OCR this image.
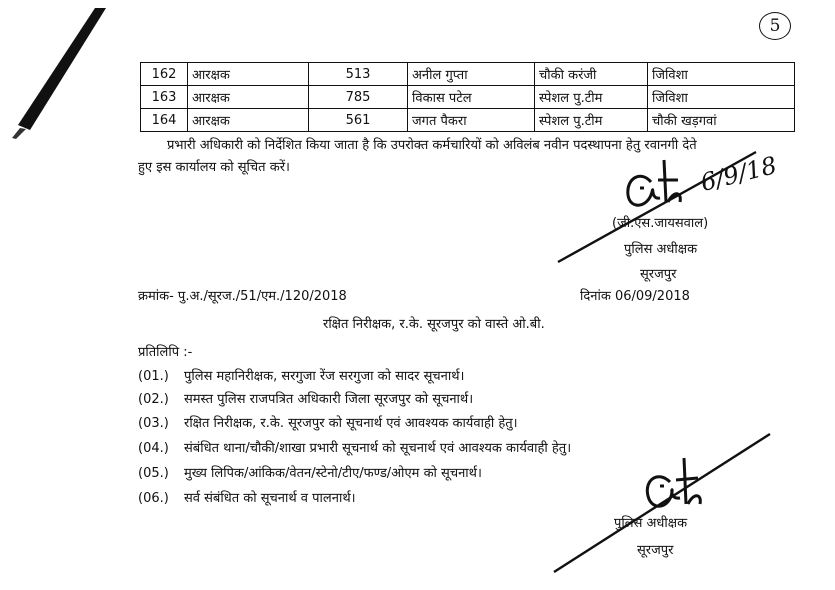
5
162	आरक्षक	513	अनील गुप्ता	चौकी करंजी	जिविशा
163	आरक्षक	785	विकास पटेल	स्पेशल पु.टीम	जिविशा
164	आरक्षक	561	जगत पैकरा	स्पेशल पु.टीम	चौकी खड़गवां
प्रभारी अधिकारी को निर्देशित किया जाता है कि उपरोक्त कर्मचारियों को अविलंब नवीन पदस्थापना हेतु रवानगी देते
हुए इस कार्यालय को सूचित करें।	6/9/18
(जी.एस.जायसवाल)
पुलिस अधीक्षक
सूरजपुर
क्रमांक- पु.अ./सूरज./51/एम./120/2018	दिनांक 06/09/2018
रक्षित निरीक्षक, र.के. सूरजपुर को वास्ते ओ.बी.
प्रतिलिपि :-
(01.) पुलिस महानिरीक्षक, सरगुजा रेंज सरगुजा को सादर सूचनार्थ।
(02.) समस्त पुलिस राजपत्रित अधिकारी जिला सूरजपुर को सूचनार्थ।
(03.) रक्षित निरीक्षक, र.के. सूरजपुर को सूचनार्थ एवं आवश्यक कार्यवाही हेतु।
(04.) संबंधित थाना/चौकी/शाखा प्रभारी सूचनार्थ को सूचनार्थ एवं आवश्यक कार्यवाही हेतु।
(05.) मुख्य लिपिक/आंकिक/वेतन/स्टेनो/टीए/फण्ड/ओएम को सूचनार्थ।
(06.) सर्व संबंधित को सूचनार्थ व पालनार्थ।
पुलिस अधीक्षक
सूरजपुर
